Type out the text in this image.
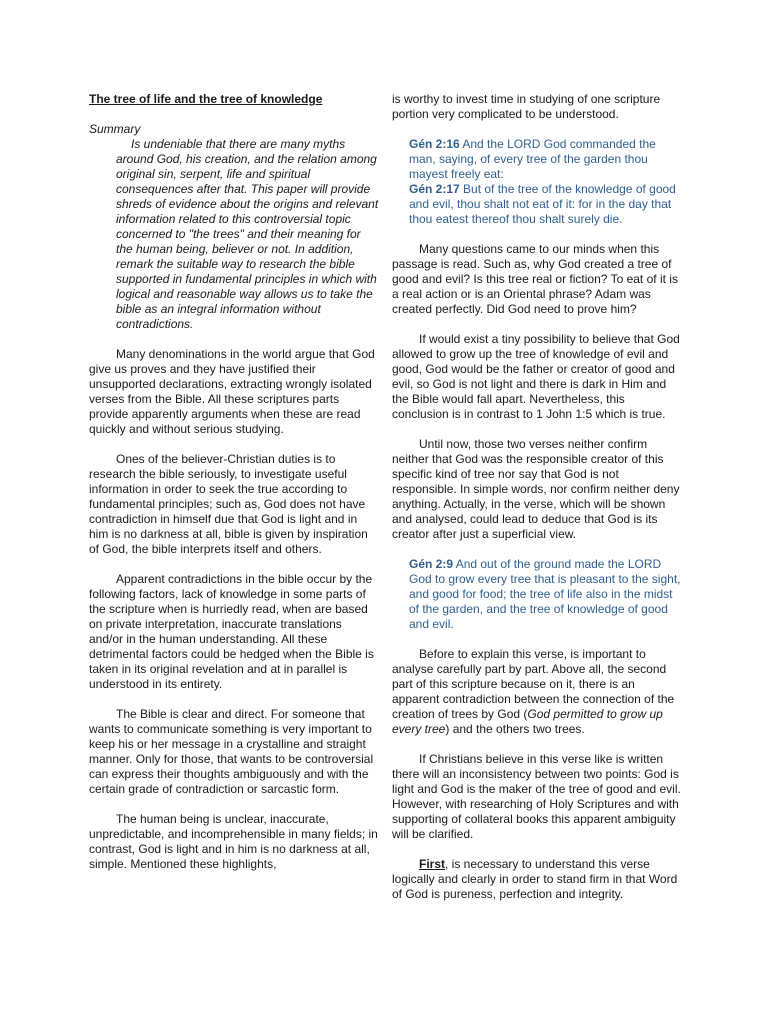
The tree of life and the tree of knowledge

Summary

Is undeniable that there are many myths around God, his creation, and the relation among original sin, serpent, life and spiritual consequences after that. This paper will provide shreds of evidence about the origins and relevant information related to this controversial topic concerned to "the trees" and their meaning for the human being, believer or not. In addition, remark the suitable way to research the bible supported in fundamental principles in which with logical and reasonable way allows us to take the bible as an integral information without contradictions.

Many denominations in the world argue that God give us proves and they have justified their unsupported declarations, extracting wrongly isolated verses from the Bible. All these scriptures parts provide apparently arguments when these are read quickly and without serious studying.

Ones of the believer-Christian duties is to research the bible seriously, to investigate useful information in order to seek the true according to fundamental principles; such as, God does not have contradiction in himself due that God is light and in him is no darkness at all, bible is given by inspiration of God, the bible interprets itself and others.

Apparent contradictions in the bible occur by the following factors, lack of knowledge in some parts of the scripture when is hurriedly read, when are based on private interpretation, inaccurate translations and/or in the human understanding. All these detrimental factors could be hedged when the Bible is taken in its original revelation and at in parallel is understood in its entirety.

The Bible is clear and direct. For someone that wants to communicate something is very important to keep his or her message in a crystalline and straight manner. Only for those, that wants to be controversial can express their thoughts ambiguously and with the certain grade of contradiction or sarcastic form.

The human being is unclear, inaccurate, unpredictable, and incomprehensible in many fields; in contrast, God is light and in him is no darkness at all, simple. Mentioned these highlights,

is worthy to invest time in studying of one scripture portion very complicated to be understood.

Gén 2:16 And the LORD God commanded the man, saying, of every tree of the garden thou mayest freely eat:

Gén 2:17 But of the tree of the knowledge of good and evil, thou shalt not eat of it: for in the day that thou eatest thereof thou shalt surely die.

Many questions came to our minds when this passage is read. Such as, why God created a tree of good and evil? Is this tree real or fiction? To eat of it is a real action or is an Oriental phrase? Adam was created perfectly. Did God need to prove him?

If would exist a tiny possibility to believe that God allowed to grow up the tree of knowledge of evil and good, God would be the father or creator of good and evil, so God is not light and there is dark in Him and the Bible would fall apart. Nevertheless, this conclusion is in contrast to 1 John 1:5 which is true.

Until now, those two verses neither confirm neither that God was the responsible creator of this specific kind of tree nor say that God is not responsible. In simple words, nor confirm neither deny anything. Actually, in the verse, which will be shown and analysed, could lead to deduce that God is its creator after just a superficial view.

Gén 2:9 And out of the ground made the LORD God to grow every tree that is pleasant to the sight, and good for food; the tree of life also in the midst of the garden, and the tree of knowledge of good and evil.

Before to explain this verse, is important to analyse carefully part by part. Above all, the second part of this scripture because on it, there is an apparent contradiction between the connection of the creation of trees by God (God permitted to grow up every tree) and the others two trees.

If Christians believe in this verse like is written there will an inconsistency between two points: God is light and God is the maker of the tree of good and evil. However, with researching of Holy Scriptures and with supporting of collateral books this apparent ambiguity will be clarified.

First, is necessary to understand this verse logically and clearly in order to stand firm in that Word of God is pureness, perfection and integrity.
